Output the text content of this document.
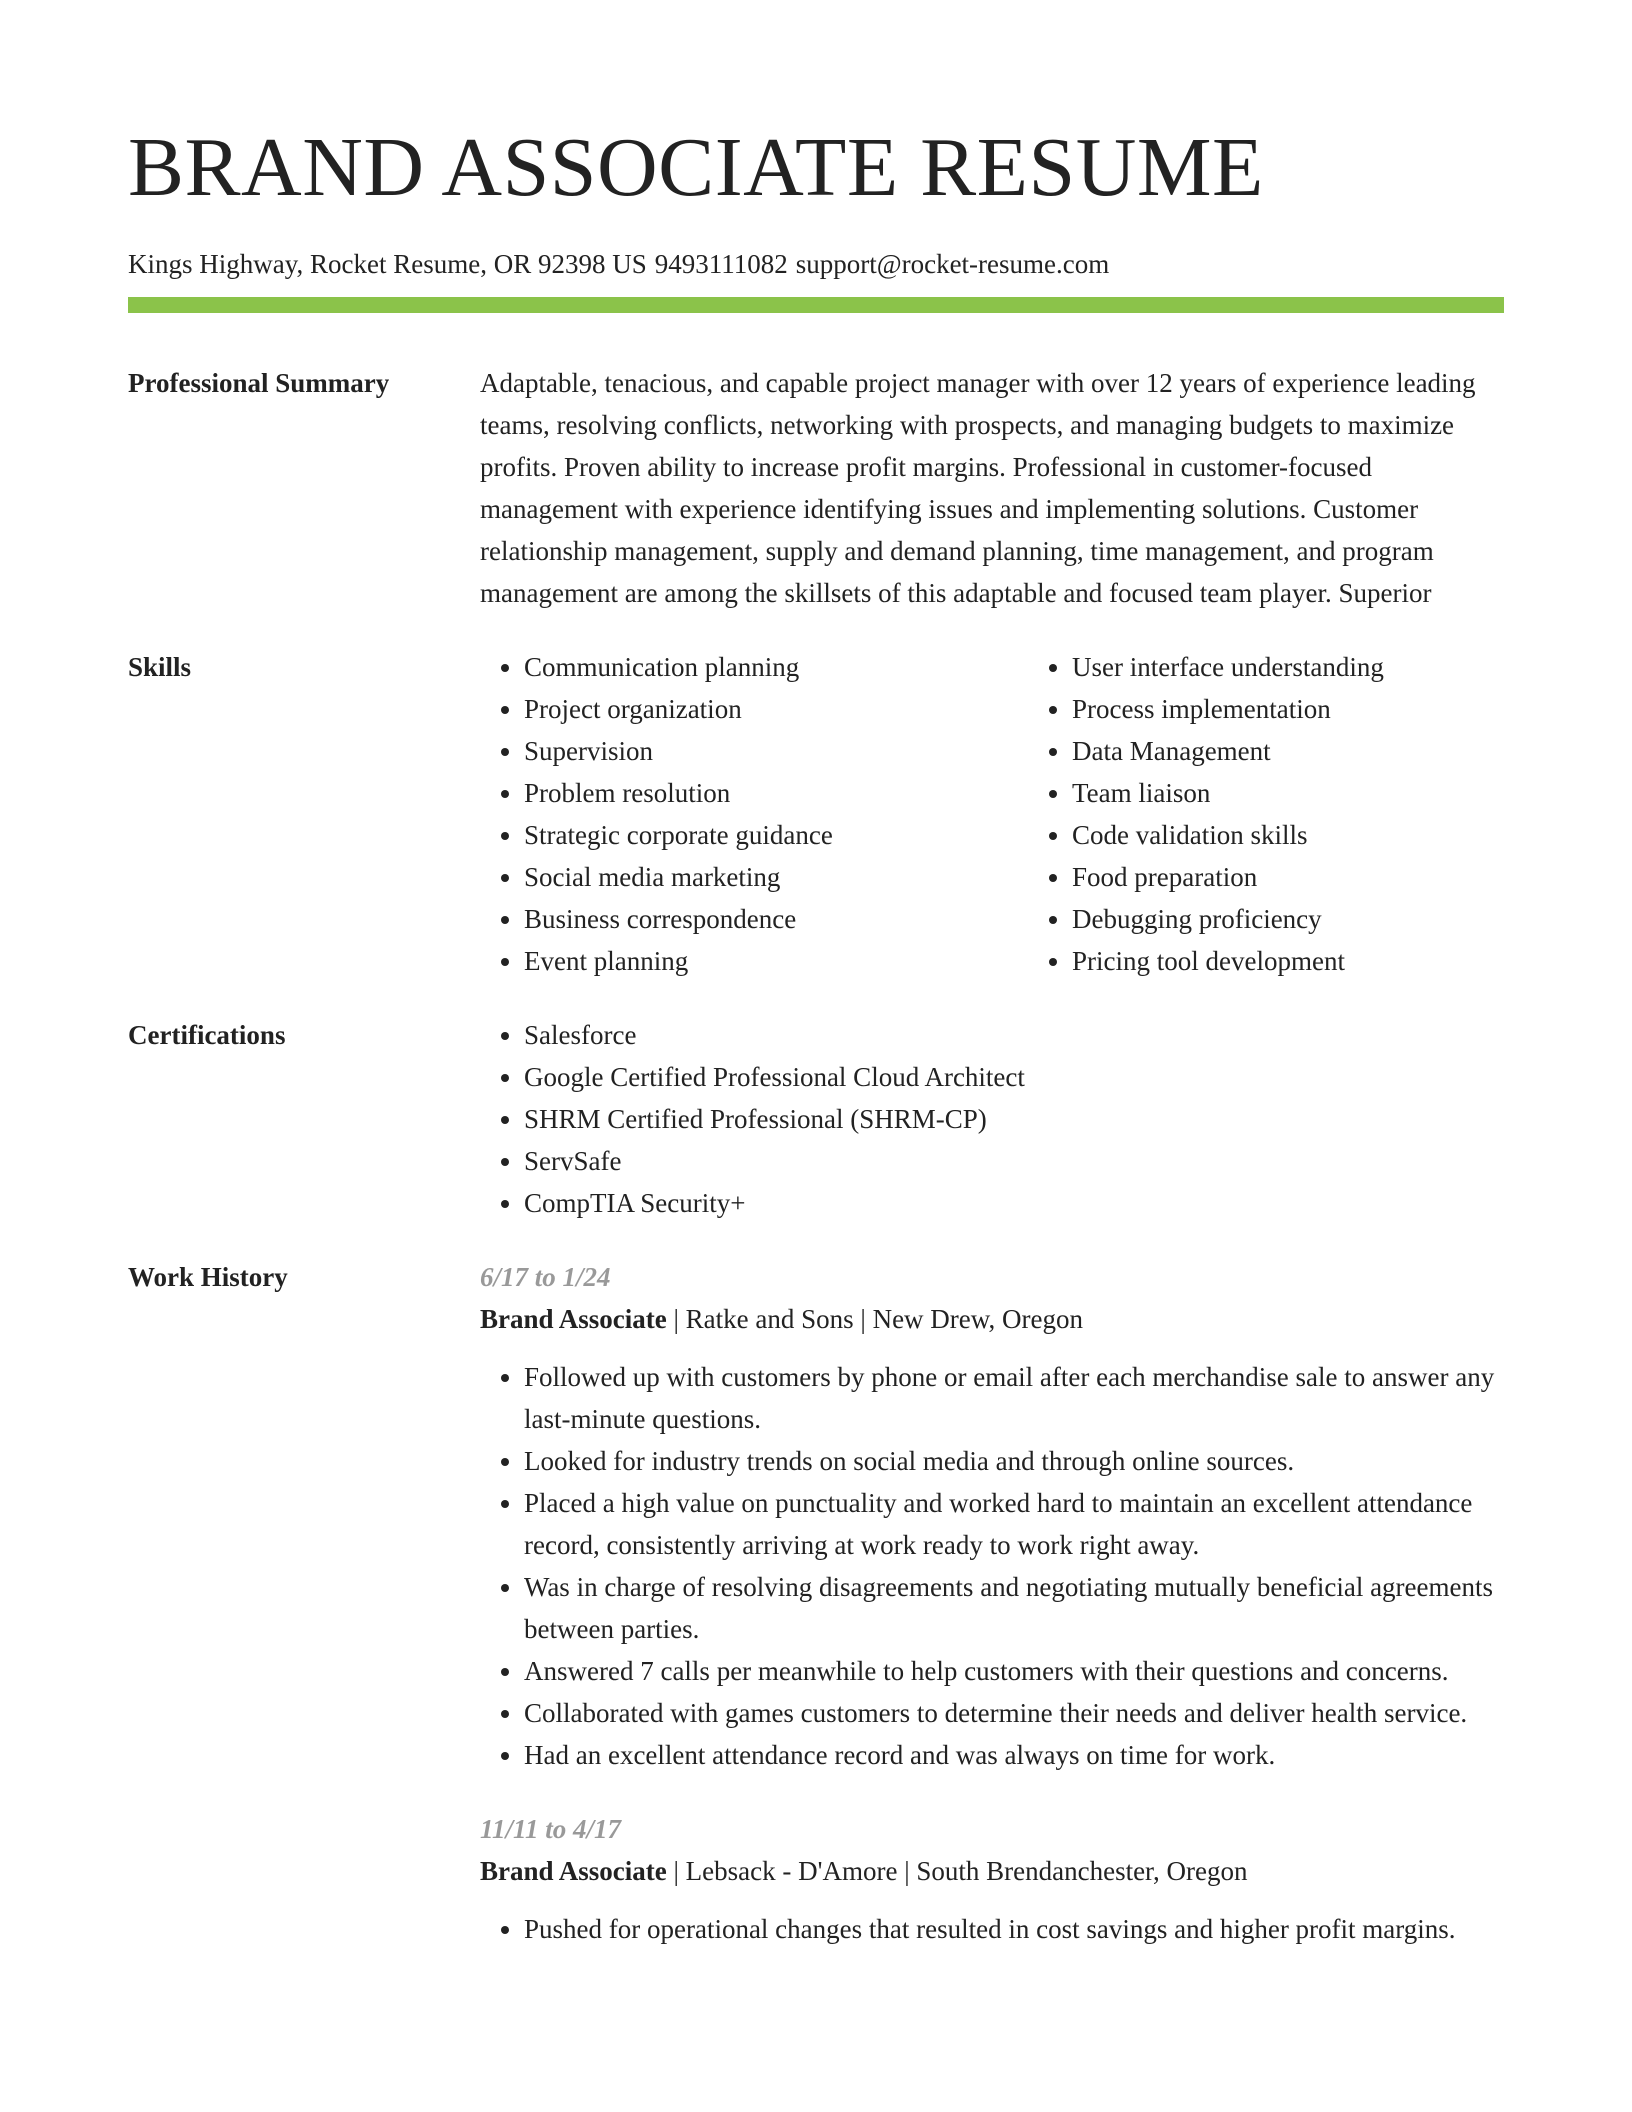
BRAND ASSOCIATE RESUME
Kings Highway, Rocket Resume, OR 92398 US 9493111082 support@rocket-resume.com
Professional Summary	Adaptable, tenacious, and capable project manager with over 12 years of experience leading teams, resolving conflicts, networking with prospects, and managing budgets to maximize profits. Proven ability to increase profit margins. Professional in customer-focused management with experience identifying issues and implementing solutions. Customer relationship management, supply and demand planning, time management, and program management are among the skillsets of this adaptable and focused team player. Superior
Skills	• Communication planning
• Project organization
• Supervision
• Problem resolution
• Strategic corporate guidance
• Social media marketing
• Business correspondence
• Event planning
• User interface understanding
• Process implementation
• Data Management
• Team liaison
• Code validation skills
• Food preparation
• Debugging proficiency
• Pricing tool development
Certifications	• Salesforce
• Google Certified Professional Cloud Architect
• SHRM Certified Professional (SHRM-CP)
• ServSafe
• CompTIA Security+
Work History	6/17 to 1/24
Brand Associate | Ratke and Sons | New Drew, Oregon
• Followed up with customers by phone or email after each merchandise sale to answer any last-minute questions.
• Looked for industry trends on social media and through online sources.
• Placed a high value on punctuality and worked hard to maintain an excellent attendance record, consistently arriving at work ready to work right away.
• Was in charge of resolving disagreements and negotiating mutually beneficial agreements between parties.
• Answered 7 calls per meanwhile to help customers with their questions and concerns.
• Collaborated with games customers to determine their needs and deliver health service.
• Had an excellent attendance record and was always on time for work.
11/11 to 4/17
Brand Associate | Lebsack - D'Amore | South Brendanchester, Oregon
• Pushed for operational changes that resulted in cost savings and higher profit margins.
